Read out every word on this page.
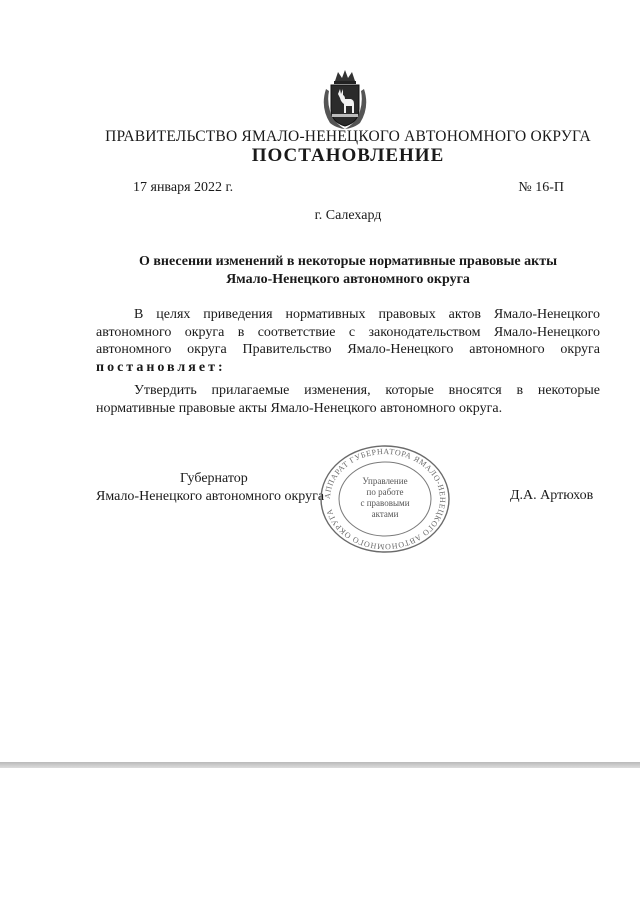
ПРАВИТЕЛЬСТВО ЯМАЛО-НЕНЕЦКОГО АВТОНОМНОГО ОКРУГА
ПОСТАНОВЛЕНИЕ
17 января 2022 г.	№ 16-П
г. Салехард
О внесении изменений в некоторые нормативные правовые акты
Ямало-Ненецкого автономного округа
В целях приведения нормативных правовых актов Ямало-Ненецкого автономного округа в соответствие с законодательством Ямало-Ненецкого автономного округа Правительство Ямало-Ненецкого автономного округа постановляет:
Утвердить прилагаемые изменения, которые вносятся в некоторые нормативные правовые акты Ямало-Ненецкого автономного округа.
Губернатор
Ямало-Ненецкого автономного округа
АППАРАТ ГУБЕРНАТОРА ЯМАЛО-НЕНЕЦКОГО АВТОНОМНОГО ОКРУГА
Управление
по работе
с правовыми
актами
Д.А. Артюхов
